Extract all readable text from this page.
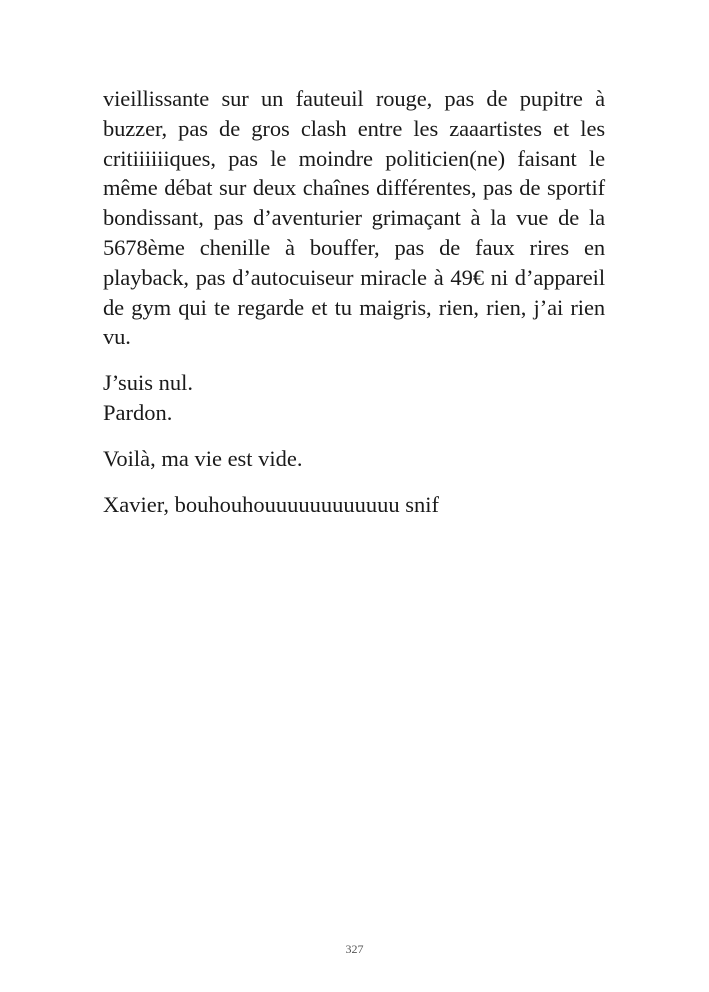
vieillissante sur un fauteuil rouge, pas de pupitre à buzzer, pas de gros clash entre les zaaartistes et les critiiiiiiques, pas le moindre politicien(ne) faisant le même débat sur deux chaînes différentes, pas de sportif bondissant, pas d’aventurier grimaçant à la vue de la 5678ème chenille à bouffer, pas de faux rires en playback, pas d’autocuiseur miracle à 49€ ni d’appareil de gym qui te regarde et tu maigris, rien, rien, j’ai rien vu.

J’suis nul.
Pardon.
Voilà, ma vie est vide.
Xavier, bouhouhouuuuuuuuuuuu snif
327
